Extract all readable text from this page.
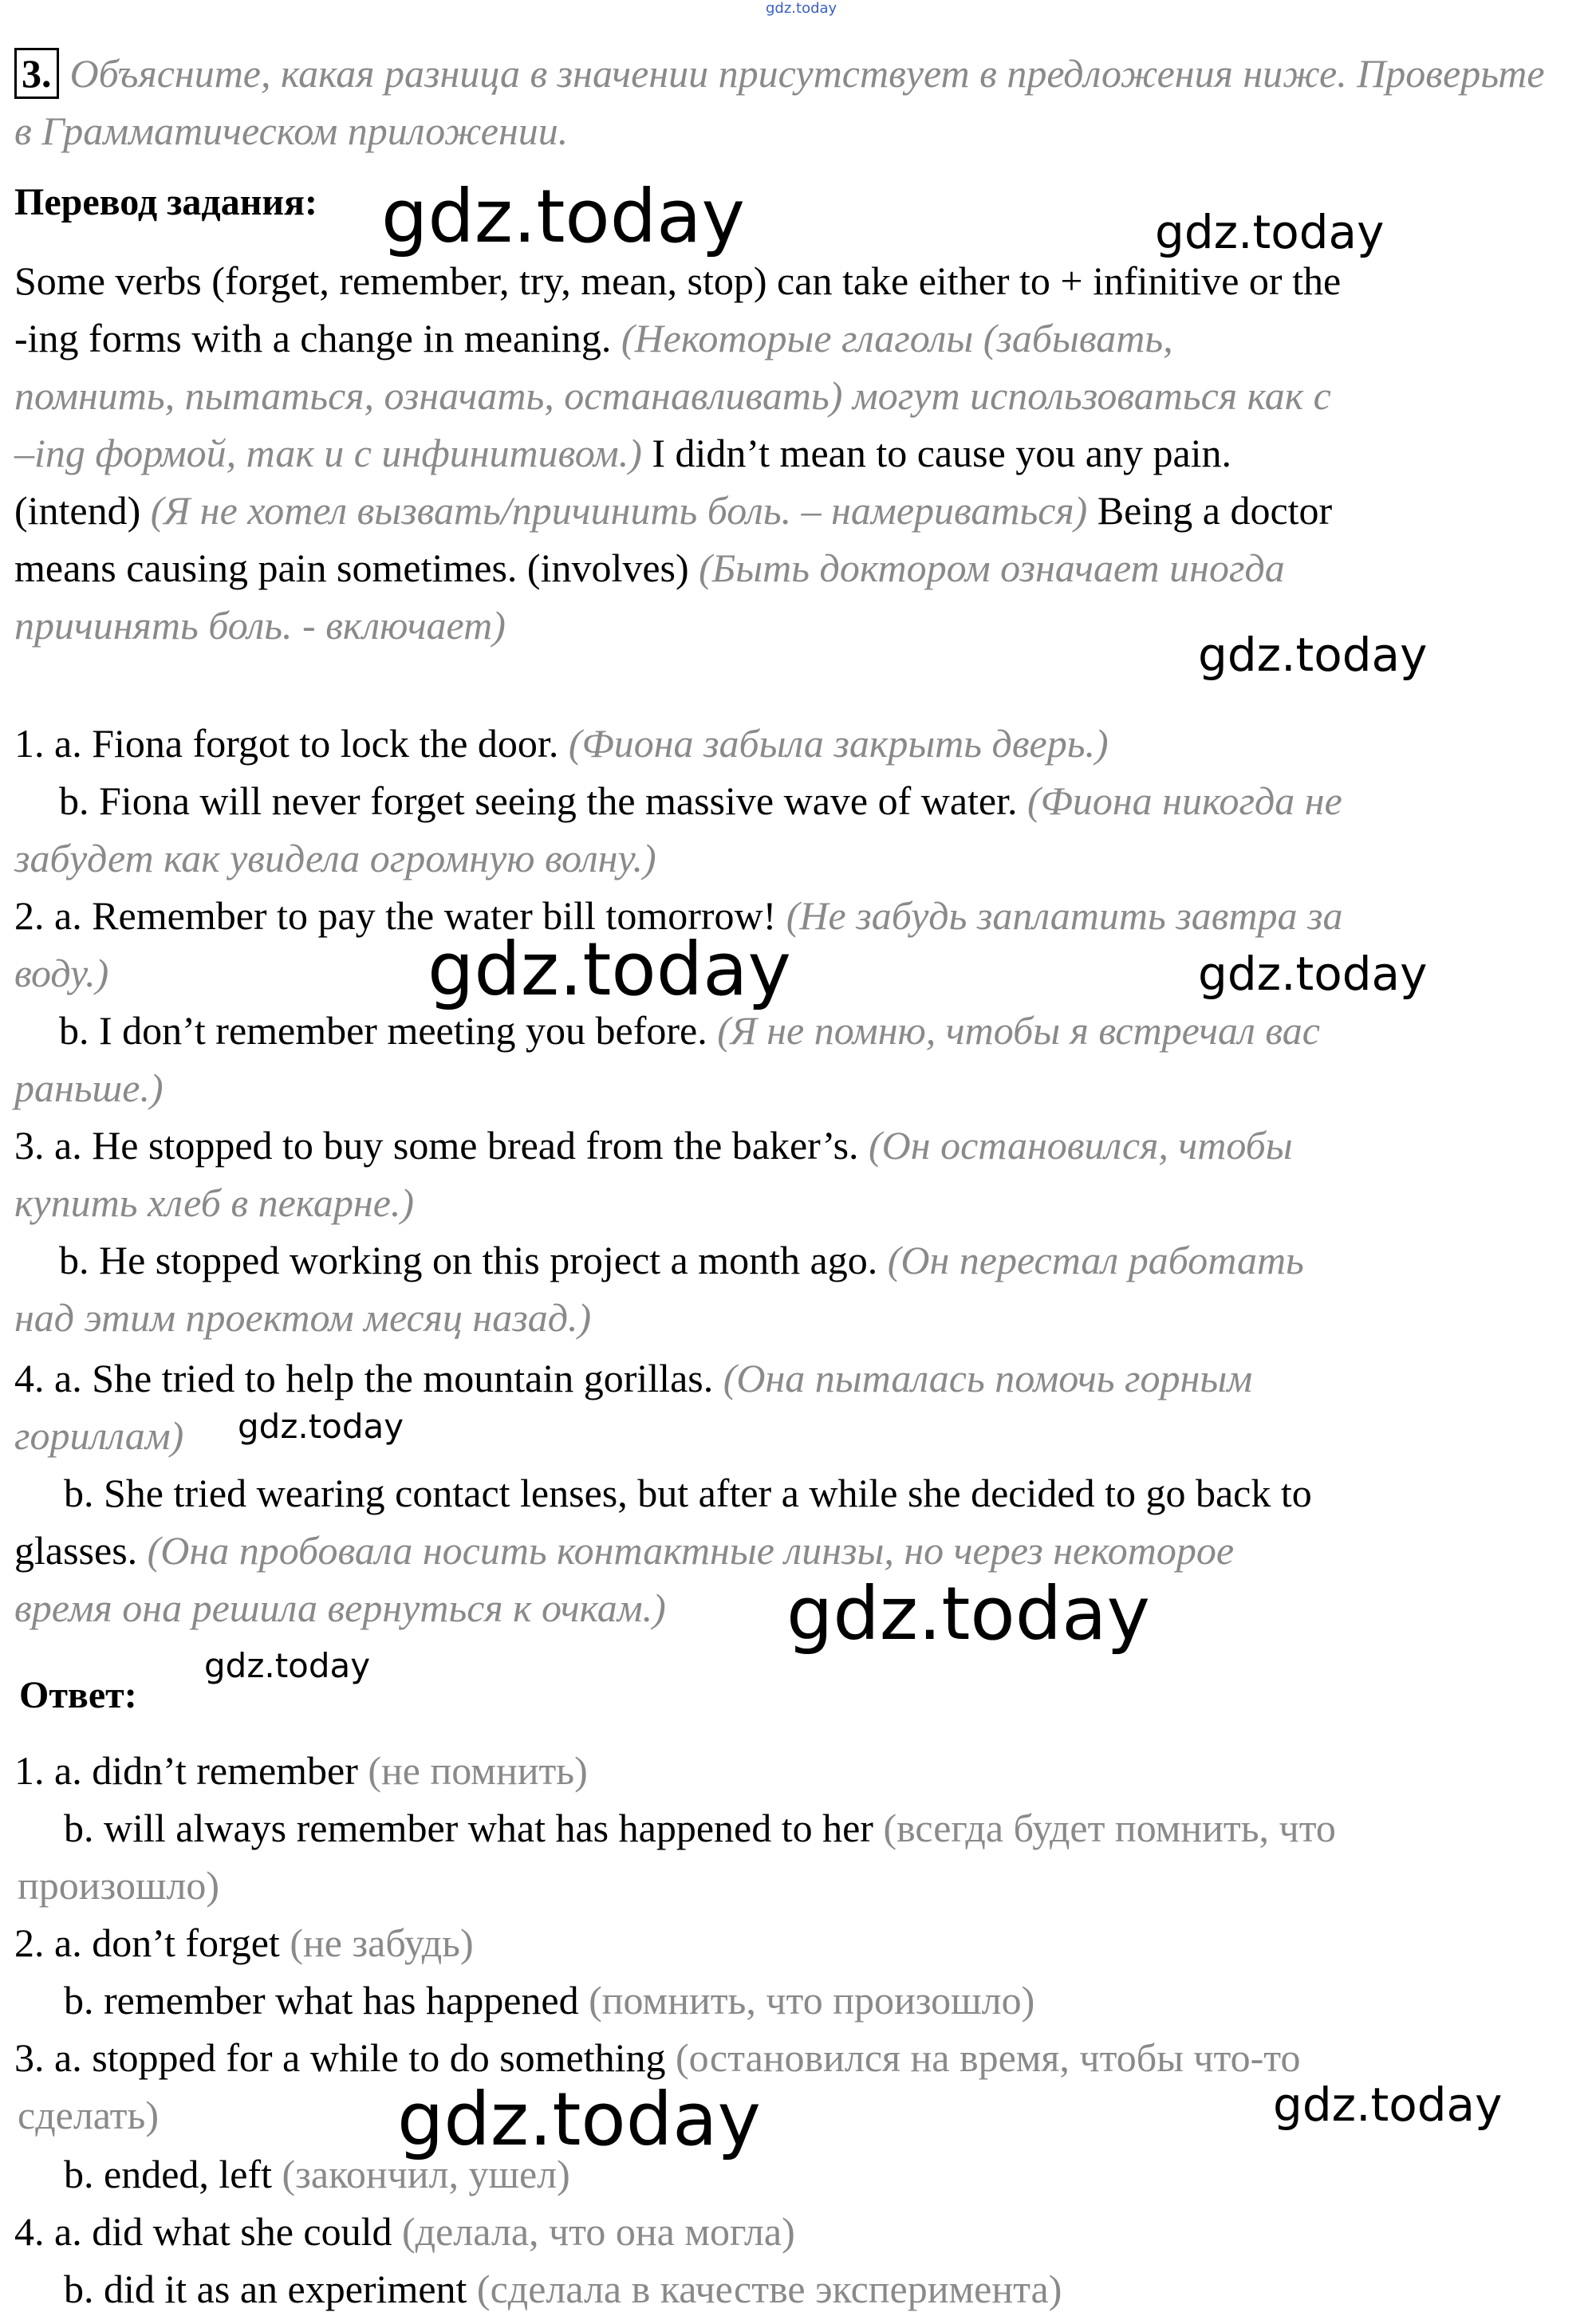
gdz.today
gdz.today	gdz.today
gdz.today
gdz.today	gdz.today
gdz.today
gdz.today
gdz.today
gdz.today	gdz.today
3. Объясните, какая разница в значении присутствует в предложения ниже. Проверьте
в Грамматическом приложении.
Перевод задания:
Some verbs (forget, remember, try, mean, stop) can take either to + infinitive or the
-ing forms with a change in meaning. (Некоторые глаголы (забывать,
помнить, пытаться, означать, останавливать) могут использоваться как с
–ing формой, так и с инфинитивом.) I didn’t mean to cause you any pain.
(intend) (Я не хотел вызвать/причинить боль. – намериваться) Being a doctor
means causing pain sometimes. (involves) (Быть доктором означает иногда
причинять боль. - включает)
1. a. Fiona forgot to lock the door. (Фиона забыла закрыть дверь.)
b. Fiona will never forget seeing the massive wave of water. (Фиона никогда не
забудет как увидела огромную волну.)
2. a. Remember to pay the water bill tomorrow! (Не забудь заплатить завтра за
воду.)
b. I don’t remember meeting you before. (Я не помню, чтобы я встречал вас
раньше.)
3. a. He stopped to buy some bread from the baker’s. (Он остановился, чтобы
купить хлеб в пекарне.)
b. He stopped working on this project a month ago. (Он перестал работать
над этим проектом месяц назад.)
4. a. She tried to help the mountain gorillas. (Она пыталась помочь горным
гориллам)
b. She tried wearing contact lenses, but after a while she decided to go back to
glasses. (Она пробовала носить контактные линзы, но через некоторое
время она решила вернуться к очкам.)
Ответ:
1. a. didn’t remember (не помнить)
b. will always remember what has happened to her (всегда будет помнить, что
произошло)
2. a. don’t forget (не забудь)
b. remember what has happened (помнить, что произошло)
3. a. stopped for a while to do something (остановился на время, чтобы что-то
сделать)
b. ended, left (закончил, ушел)
4. a. did what she could (делала, что она могла)
b. did it as an experiment (сделала в качестве эксперимента)
